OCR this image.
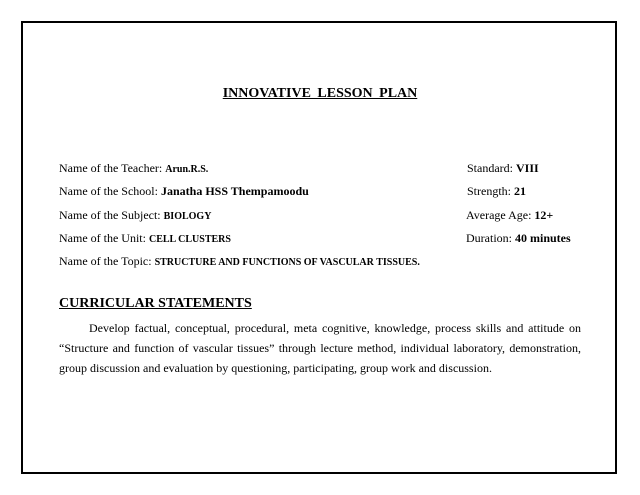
INNOVATIVE LESSON PLAN
Name of the Teacher: Arun.R.S.	Standard: VIII
Name of the School: Janatha HSS Thempamoodu	Strength: 21
Name of the Subject: BIOLOGY	Average Age: 12+
Name of the Unit: CELL CLUSTERS	Duration: 40 minutes
Name of the Topic: STRUCTURE AND FUNCTIONS OF VASCULAR TISSUES.
CURRICULAR STATEMENTS
Develop factual, conceptual, procedural, meta cognitive, knowledge, process skills and attitude on “Structure and function of vascular tissues” through lecture method, individual laboratory, demonstration, group discussion and evaluation by questioning, participating, group work and discussion.
